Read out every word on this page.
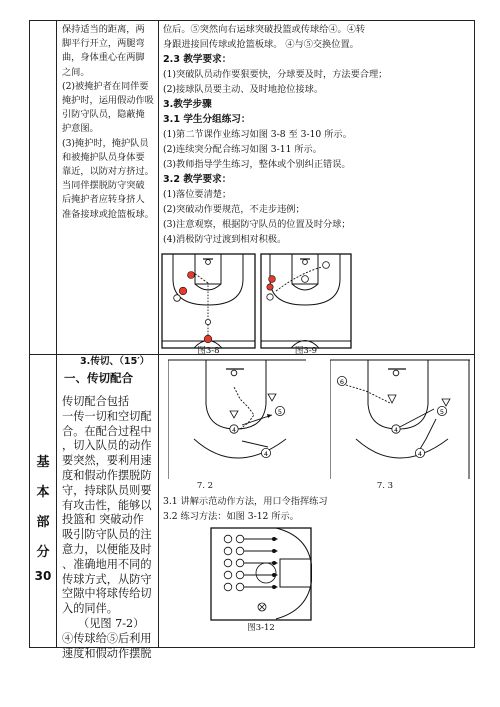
保持适当的距离，两
脚平行开立，两腿弯
曲，身体重心在两脚
之间。
(2)被掩护者在同伴要
掩护时，运用假动作吸
引防守队员，隐蔽掩
护意图。
(3)掩护时，掩护队员
和被掩护队员身体要
靠近，以防对方挤过。
当同伴摆脱防守突破
后掩护者应转身挤人
准备接球或抢篮板球。
位后。⑤突然向右运球突破投篮或传球给④。④转
身跟进接回传球或抢篮板球。 ④与⑤交换位置。
2.3 教学要求：
(1)突破队员动作要狠要快，分球要及时，方法要合理；
(2)接球队员要主动、及时地抢位接球。
3.教学步骤
3.1 学生分组练习：
(1)第二节课作业练习如图 3-8 至 3-10 所示。
(2)连续突分配合练习如图 3-11 所示。
(3)教师指导学生练习，整体或个别纠正错误。
3.2 教学要求：
(1)落位要清楚；
(2)突破动作要规范，不走步违例；
(3)注意观察，根据防守队员的位置及时分球；
(4)消极防守过渡到相对积极。
图3-8	图3-9
基
本
部
分
30
3.传切、（15′）
一、传切配合
传切配合包括
一传一切和空切配
合。在配合过程中
，切入队员的动作
要突然，要利用速
度和假动作摆脱防
守，持球队员则要
有攻击性，能够以
投篮和 突破动作
吸引防守队员的注
意力，以便能及时
、准确地用不同的
传球方式，从防守
空隙中将球传给切
入的同伴。
（见图 7-2）
④传球给⑤后利用
速度和假动作摆脱
4
5
4
7. 2
6
4
5
4
7. 3
3.1 讲解示范动作方法，用口令指挥练习
3.2 练习方法：如图 3-12 所示。
图3-12
